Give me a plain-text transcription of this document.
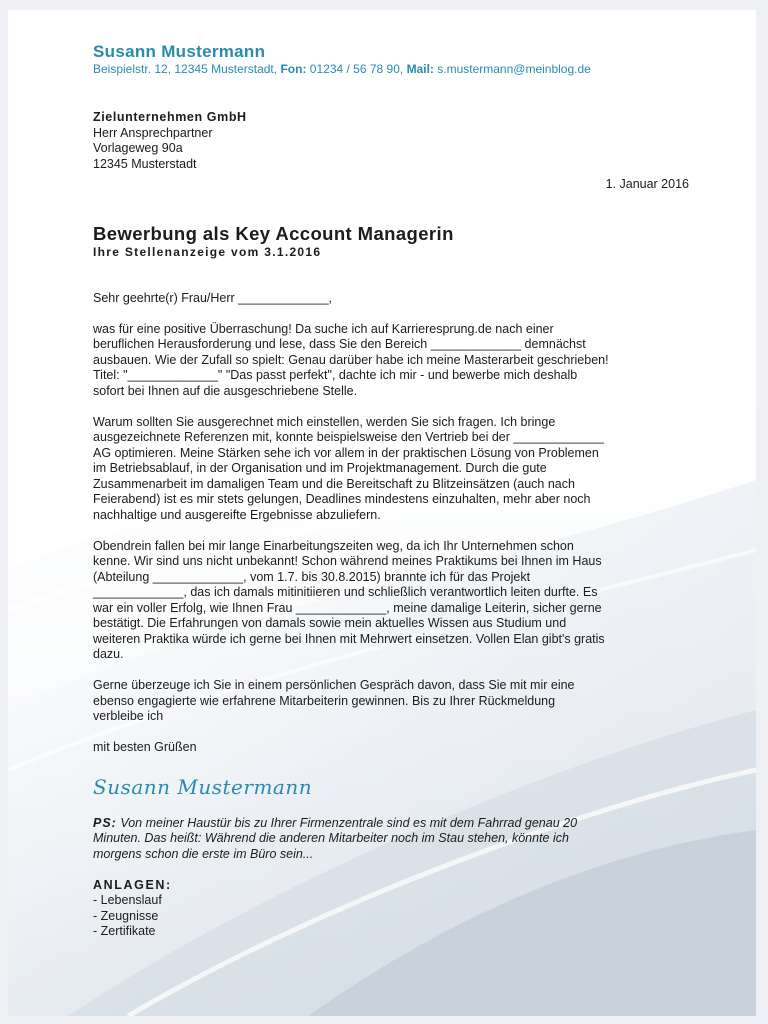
Susann Mustermann
Beispielstr. 12, 12345 Musterstadt, Fon: 01234 / 56 78 90, Mail: s.mustermann@meinblog.de
Zielunternehmen GmbH
Herr Ansprechpartner
Vorlageweg 90a
12345 Musterstadt
1. Januar 2016
Bewerbung als Key Account Managerin
Ihre Stellenanzeige vom 3.1.2016
Sehr geehrte(r) Frau/Herr _____________,
was für eine positive Überraschung! Da suche ich auf Karrieresprung.de nach einer
beruflichen Herausforderung und lese, dass Sie den Bereich _____________ demnächst
ausbauen. Wie der Zufall so spielt: Genau darüber habe ich meine Masterarbeit geschrieben!
Titel: "_____________" "Das passt perfekt", dachte ich mir - und bewerbe mich deshalb
sofort bei Ihnen auf die ausgeschriebene Stelle.
Warum sollten Sie ausgerechnet mich einstellen, werden Sie sich fragen. Ich bringe
ausgezeichnete Referenzen mit, konnte beispielsweise den Vertrieb bei der _____________
AG optimieren. Meine Stärken sehe ich vor allem in der praktischen Lösung von Problemen
im Betriebsablauf, in der Organisation und im Projektmanagement. Durch die gute
Zusammenarbeit im damaligen Team und die Bereitschaft zu Blitzeinsätzen (auch nach
Feierabend) ist es mir stets gelungen, Deadlines mindestens einzuhalten, mehr aber noch
nachhaltige und ausgereifte Ergebnisse abzuliefern.
Obendrein fallen bei mir lange Einarbeitungszeiten weg, da ich Ihr Unternehmen schon
kenne. Wir sind uns nicht unbekannt! Schon während meines Praktikums bei Ihnen im Haus
(Abteilung _____________, vom 1.7. bis 30.8.2015) brannte ich für das Projekt
_____________, das ich damals mitinitiieren und schließlich verantwortlich leiten durfte. Es
war ein voller Erfolg, wie Ihnen Frau _____________, meine damalige Leiterin, sicher gerne
bestätigt. Die Erfahrungen von damals sowie mein aktuelles Wissen aus Studium und
weiteren Praktika würde ich gerne bei Ihnen mit Mehrwert einsetzen. Vollen Elan gibt's gratis
dazu.
Gerne überzeuge ich Sie in einem persönlichen Gespräch davon, dass Sie mit mir eine
ebenso engagierte wie erfahrene Mitarbeiterin gewinnen. Bis zu Ihrer Rückmeldung
verbleibe ich
mit besten Grüßen
Susann Mustermann
PS: Von meiner Haustür bis zu Ihrer Firmenzentrale sind es mit dem Fahrrad genau 20
Minuten. Das heißt: Während die anderen Mitarbeiter noch im Stau stehen, könnte ich
morgens schon die erste im Büro sein...
ANLAGEN:
- Lebenslauf
- Zeugnisse
- Zertifikate
